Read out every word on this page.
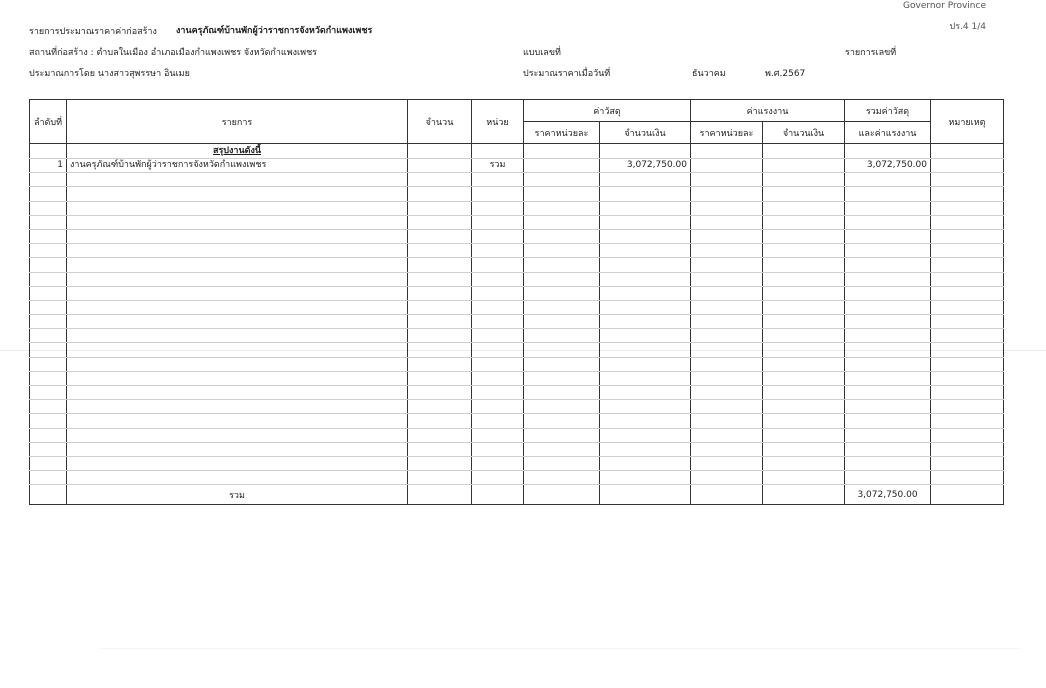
Governor Province
ปร.4 1/4
รายการประมาณราคาค่าก่อสร้าง งานครุภัณฑ์บ้านพักผู้ว่าราชการจังหวัดกำแพงเพชร
สถานที่ก่อสร้าง : ตำบลในเมือง อำเภอเมืองกำแพงเพชร จังหวัดกำแพงเพชร	แบบเลขที่	รายการเลขที่
ประมาณการโดย นางสาวสุพรรษา อินเมย	ประมาณราคาเมื่อวันที่	ธันวาคม	พ.ศ.2567
ลำดับที่	รายการ	จำนวน	หน่วย	ค่าวัสดุ		ค่าแรงงาน		รวมค่าวัสดุ	หมายเหตุ
				ราคาหน่วยละ	จำนวนเงิน	ราคาหน่วยละ	จำนวนเงิน	และค่าแรงงาน	
	สรุปงานดังนี้								
1	งานครุภัณฑ์บ้านพักผู้ว่าราชการจังหวัดกำแพงเพชร		รวม		3,072,750.00			3,072,750.00	

	รวม							3,072,750.00	
